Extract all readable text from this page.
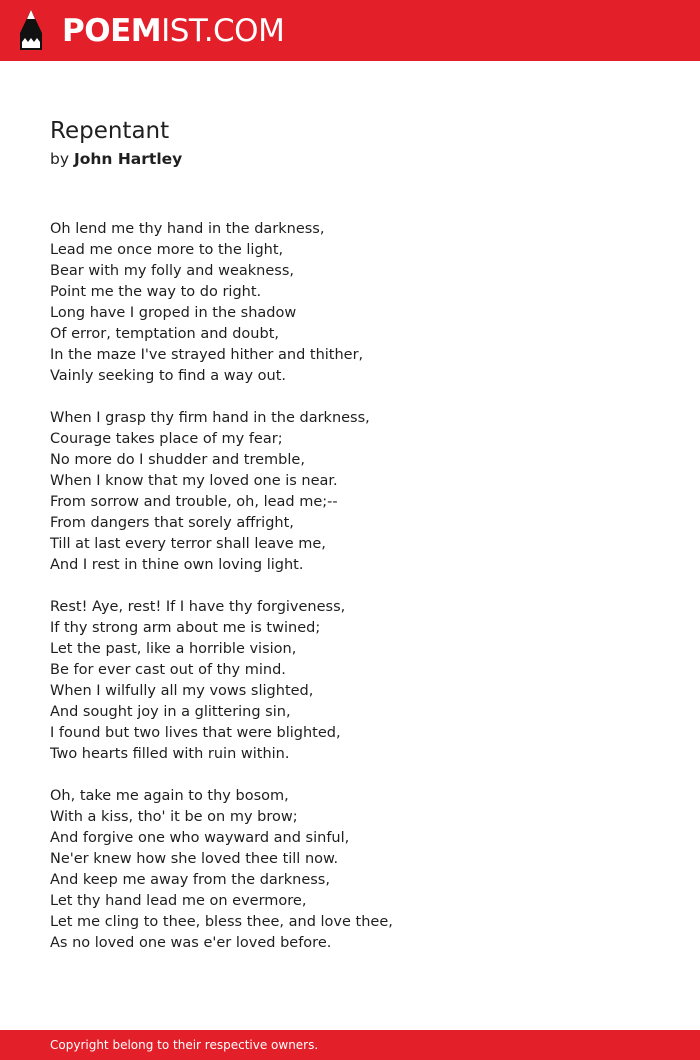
POEMIST.COM
Repentant
by John Hartley
Oh lend me thy hand in the darkness,
Lead me once more to the light,
Bear with my folly and weakness,
Point me the way to do right.
Long have I groped in the shadow
Of error, temptation and doubt,
In the maze I've strayed hither and thither,
Vainly seeking to find a way out.
When I grasp thy firm hand in the darkness,
Courage takes place of my fear;
No more do I shudder and tremble,
When I know that my loved one is near.
From sorrow and trouble, oh, lead me;--
From dangers that sorely affright,
Till at last every terror shall leave me,
And I rest in thine own loving light.
Rest! Aye, rest! If I have thy forgiveness,
If thy strong arm about me is twined;
Let the past, like a horrible vision,
Be for ever cast out of thy mind.
When I wilfully all my vows slighted,
And sought joy in a glittering sin,
I found but two lives that were blighted,
Two hearts filled with ruin within.
Oh, take me again to thy bosom,
With a kiss, tho' it be on my brow;
And forgive one who wayward and sinful,
Ne'er knew how she loved thee till now.
And keep me away from the darkness,
Let thy hand lead me on evermore,
Let me cling to thee, bless thee, and love thee,
As no loved one was e'er loved before.
Copyright belong to their respective owners.
